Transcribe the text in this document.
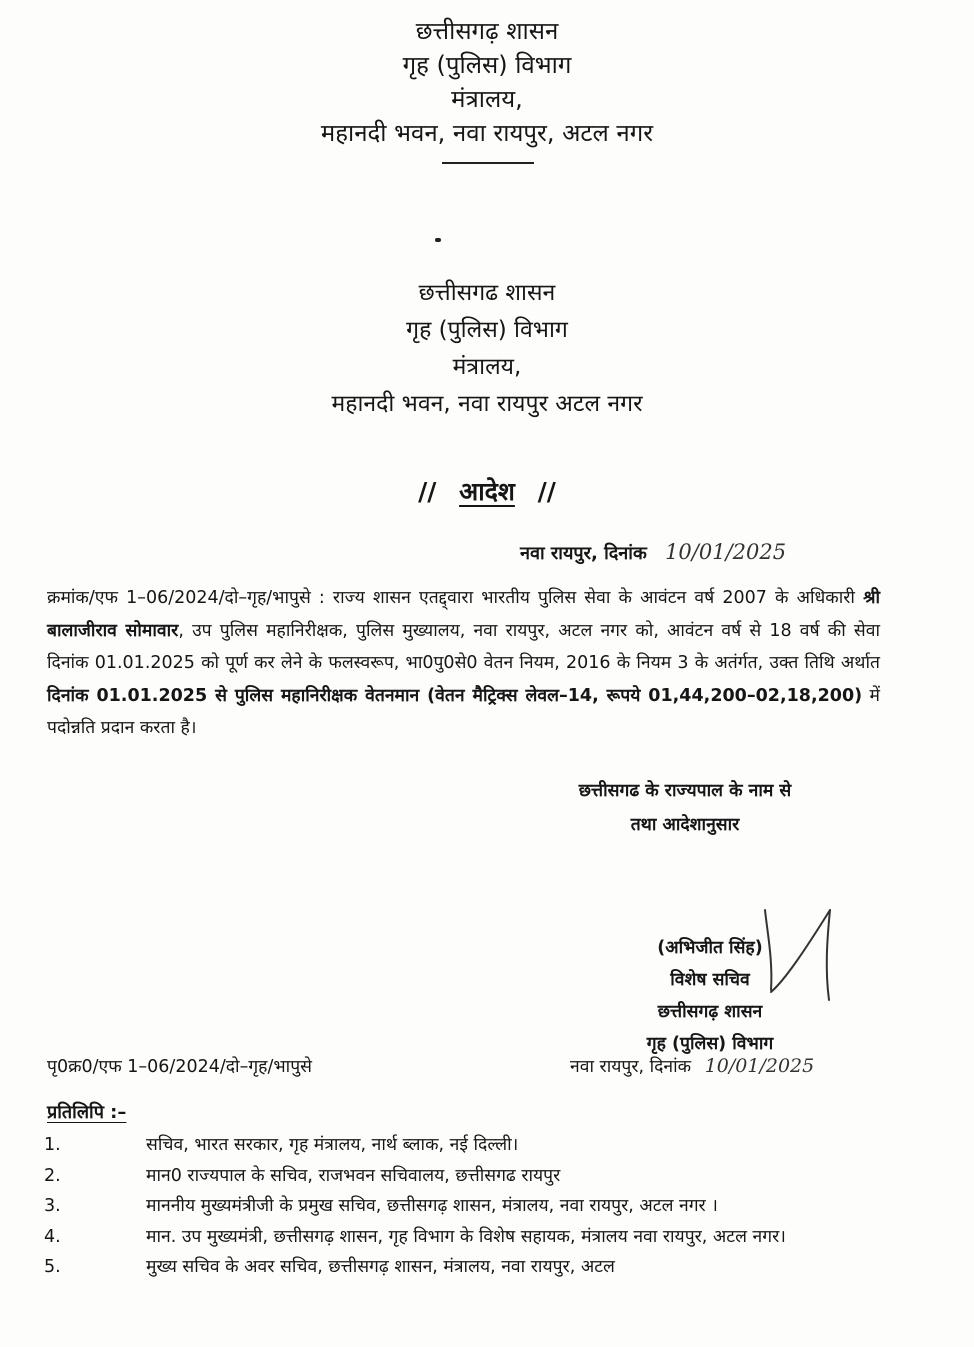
छत्तीसगढ़ शासन
गृह (पुलिस) विभाग
मंत्रालय,
महानदी भवन, नवा रायपुर, अटल नगर
छत्तीसगढ शासन
गृह (पुलिस) विभाग
मंत्रालय,
महानदी भवन, नवा रायपुर अटल नगर
// आदेश //
नवा रायपुर, दिनांक 10/01/2025
क्रमांक/एफ 1–06/2024/दो–गृह/भापुसे : राज्य शासन एतद्द्वारा भारतीय पुलिस सेवा के आवंटन वर्ष 2007 के अधिकारी श्री बालाजीराव सोमावार, उप पुलिस महानिरीक्षक, पुलिस मुख्यालय, नवा रायपुर, अटल नगर को, आवंटन वर्ष से 18 वर्ष की सेवा दिनांक 01.01.2025 को पूर्ण कर लेने के फलस्वरूप, भा0पु0से0 वेतन नियम, 2016 के नियम 3 के अतंर्गत, उक्त तिथि अर्थात दिनांक 01.01.2025 से पुलिस महानिरीक्षक वेतनमान (वेतन मैट्रिक्स लेवल–14, रूपये 01,44,200–02,18,200) में पदोन्नति प्रदान करता है।
छत्तीसगढ के राज्यपाल के नाम से
तथा आदेशानुसार
(अभिजीत सिंह)
विशेष सचिव
छत्तीसगढ़ शासन
गृह (पुलिस) विभाग
पृ0क्र0/एफ 1–06/2024/दो–गृह/भापुसे	नवा रायपुर, दिनांक 10/01/2025
प्रतिलिपि :–
1.	सचिव, भारत सरकार, गृह मंत्रालय, नार्थ ब्लाक, नई दिल्ली।
2.	मान0 राज्यपाल के सचिव, राजभवन सचिवालय, छत्तीसगढ रायपुर
3.	माननीय मुख्यमंत्रीजी के प्रमुख सचिव, छत्तीसगढ़ शासन, मंत्रालय, नवा रायपुर, अटल नगर ।
4.	मान. उप मुख्यमंत्री, छत्तीसगढ़ शासन, गृह विभाग के विशेष सहायक, मंत्रालय नवा रायपुर, अटल नगर।
5.	मुख्य सचिव के अवर सचिव, छत्तीसगढ़ शासन, मंत्रालय, नवा रायपुर, अटल
